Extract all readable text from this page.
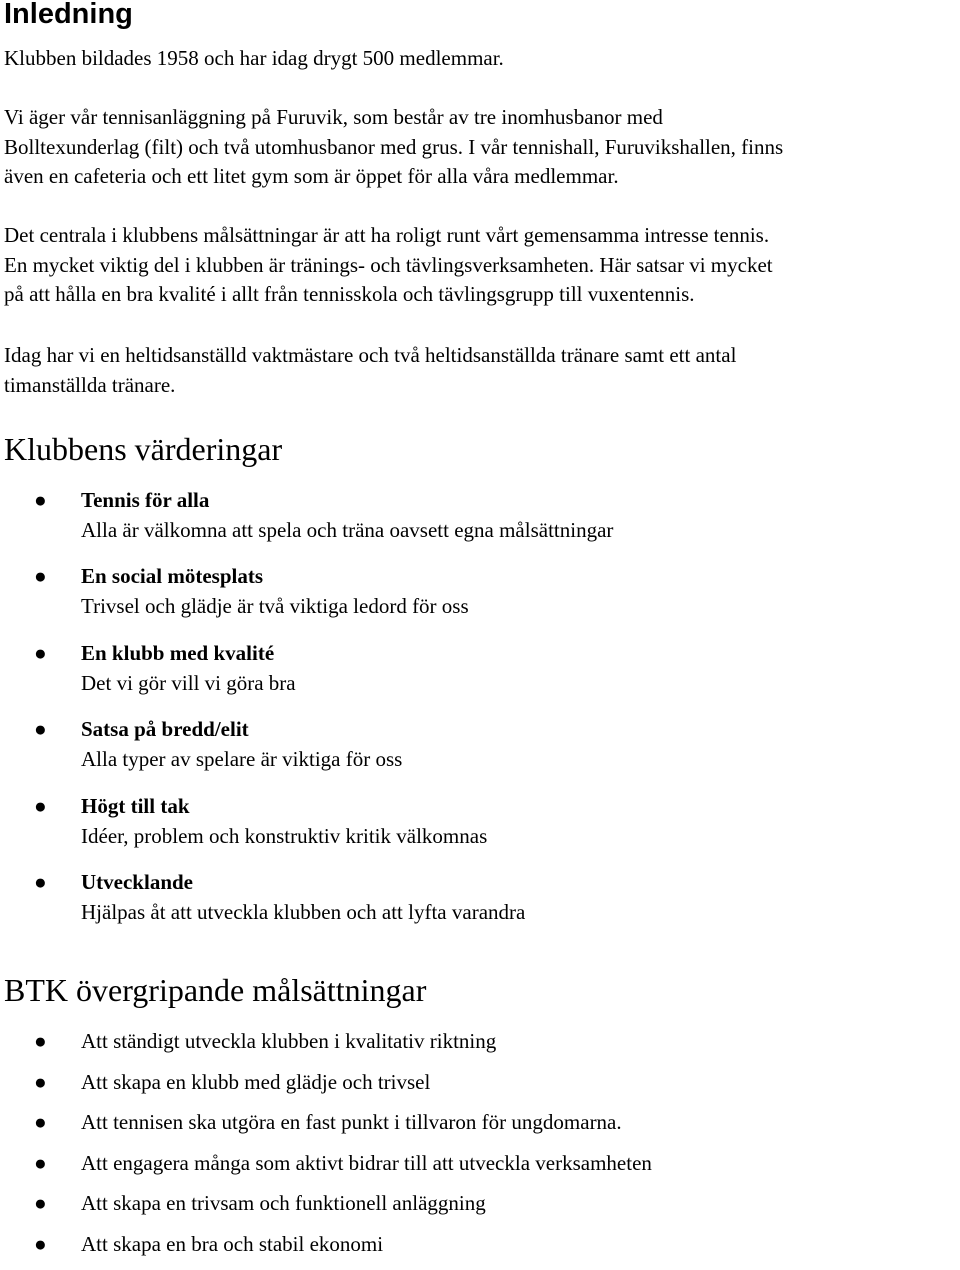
Inledning

Klubben bildades 1958 och har idag drygt 500 medlemmar.

Vi äger vår tennisanläggning på Furuvik, som består av tre inomhusbanor med
Bolltexunderlag (filt) och två utomhusbanor med grus. I vår tennishall, Furuvikshallen, finns
även en cafeteria och ett litet gym som är öppet för alla våra medlemmar.

Det centrala i klubbens målsättningar är att ha roligt runt vårt gemensamma intresse tennis.
En mycket viktig del i klubben är tränings- och tävlingsverksamheten. Här satsar vi mycket
på att hålla en bra kvalité i allt från tennisskola och tävlingsgrupp till vuxentennis.

Idag har vi en heltidsanställd vaktmästare och två heltidsanställda tränare samt ett antal
timanställda tränare.

Klubbens värderingar
● Tennis för alla
Alla är välkomna att spela och träna oavsett egna målsättningar
● En social mötesplats
Trivsel och glädje är två viktiga ledord för oss
● En klubb med kvalité
Det vi gör vill vi göra bra
● Satsa på bredd/elit
Alla typer av spelare är viktiga för oss
● Högt till tak
Idéer, problem och konstruktiv kritik välkomnas
● Utvecklande
Hjälpas åt att utveckla klubben och att lyfta varandra
BTK övergripande målsättningar
● Att ständigt utveckla klubben i kvalitativ riktning
● Att skapa en klubb med glädje och trivsel
● Att tennisen ska utgöra en fast punkt i tillvaron för ungdomarna.
● Att engagera många som aktivt bidrar till att utveckla verksamheten
● Att skapa en trivsam och funktionell anläggning
● Att skapa en bra och stabil ekonomi
